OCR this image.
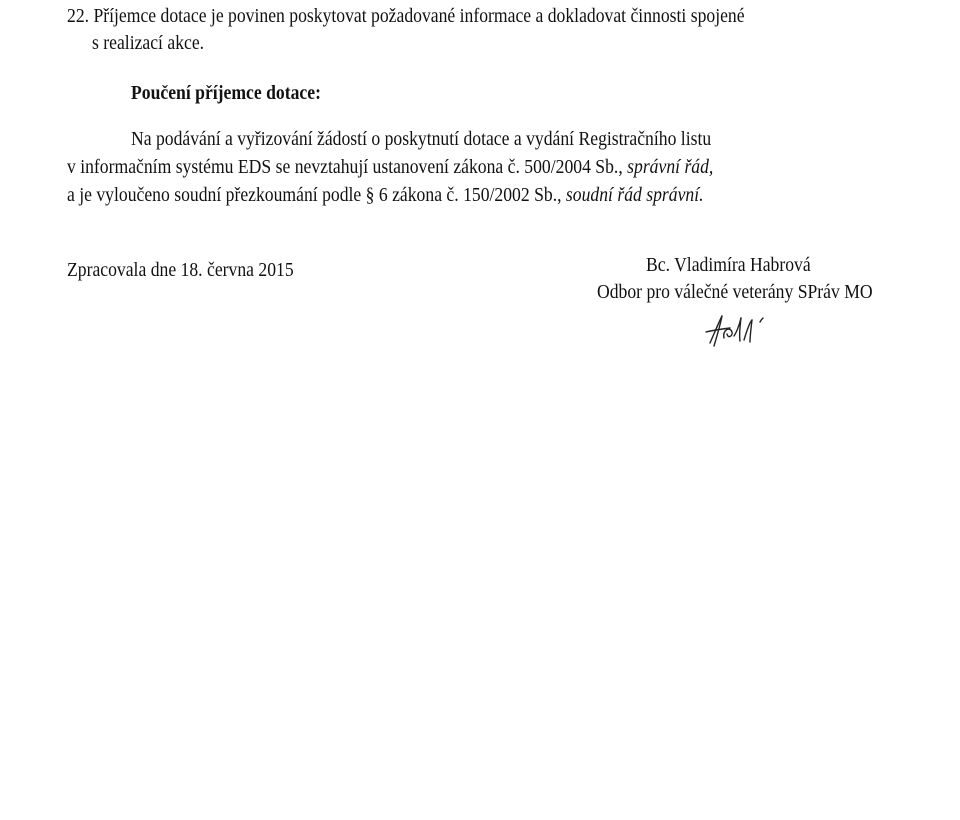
22. Příjemce dotace je povinen poskytovat požadované informace a dokladovat činnosti spojené
s realizací akce.
Poučení příjemce dotace:
Na podávání a vyřizování žádostí o poskytnutí dotace a vydání Registračního listu
v informačním systému EDS se nevztahují ustanovení zákona č. 500/2004 Sb., správní řád,
a je vyloučeno soudní přezkoumání podle § 6 zákona č. 150/2002 Sb., soudní řád správní.
Zpracovala dne 18. června 2015	Bc. Vladimíra Habrová
Odbor pro válečné veterány SPráv MO
